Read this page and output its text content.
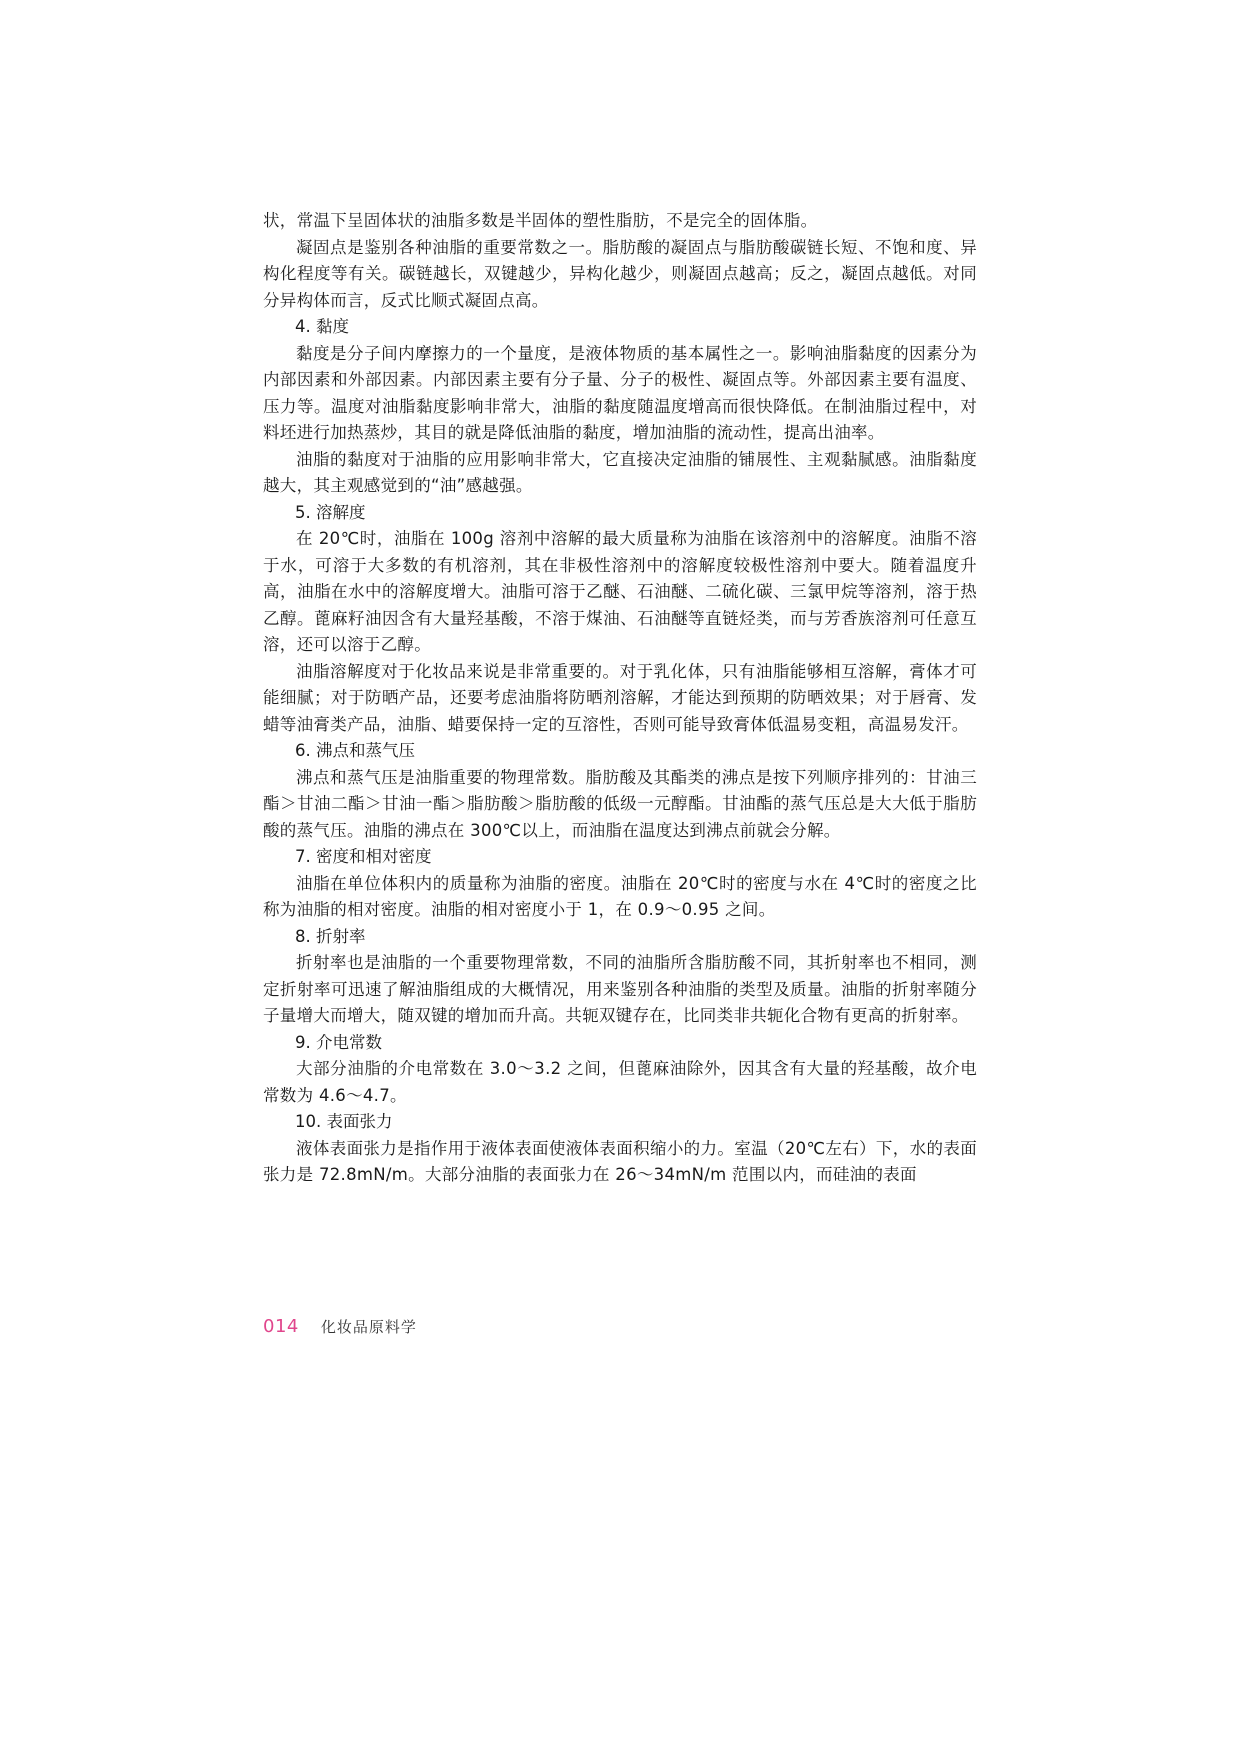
状，常温下呈固体状的油脂多数是半固体的塑性脂肪，不是完全的固体脂。

凝固点是鉴别各种油脂的重要常数之一。脂肪酸的凝固点与脂肪酸碳链长短、不饱和度、异构化程度等有关。碳链越长，双键越少，异构化越少，则凝固点越高；反之，凝固点越低。对同分异构体而言，反式比顺式凝固点高。

4. 黏度

黏度是分子间内摩擦力的一个量度，是液体物质的基本属性之一。影响油脂黏度的因素分为内部因素和外部因素。内部因素主要有分子量、分子的极性、凝固点等。外部因素主要有温度、压力等。温度对油脂黏度影响非常大，油脂的黏度随温度增高而很快降低。在制油脂过程中，对料坯进行加热蒸炒，其目的就是降低油脂的黏度，增加油脂的流动性，提高出油率。

油脂的黏度对于油脂的应用影响非常大，它直接决定油脂的铺展性、主观黏腻感。油脂黏度越大，其主观感觉到的“油”感越强。

5. 溶解度

在 20℃时，油脂在 100g 溶剂中溶解的最大质量称为油脂在该溶剂中的溶解度。油脂不溶于水，可溶于大多数的有机溶剂，其在非极性溶剂中的溶解度较极性溶剂中要大。随着温度升高，油脂在水中的溶解度增大。油脂可溶于乙醚、石油醚、二硫化碳、三氯甲烷等溶剂，溶于热乙醇。蓖麻籽油因含有大量羟基酸，不溶于煤油、石油醚等直链烃类，而与芳香族溶剂可任意互溶，还可以溶于乙醇。

油脂溶解度对于化妆品来说是非常重要的。对于乳化体，只有油脂能够相互溶解，膏体才可能细腻；对于防晒产品，还要考虑油脂将防晒剂溶解，才能达到预期的防晒效果；对于唇膏、发蜡等油膏类产品，油脂、蜡要保持一定的互溶性，否则可能导致膏体低温易变粗，高温易发汗。

6. 沸点和蒸气压

沸点和蒸气压是油脂重要的物理常数。脂肪酸及其酯类的沸点是按下列顺序排列的：甘油三酯＞甘油二酯＞甘油一酯＞脂肪酸＞脂肪酸的低级一元醇酯。甘油酯的蒸气压总是大大低于脂肪酸的蒸气压。油脂的沸点在 300℃以上，而油脂在温度达到沸点前就会分解。

7. 密度和相对密度

油脂在单位体积内的质量称为油脂的密度。油脂在 20℃时的密度与水在 4℃时的密度之比称为油脂的相对密度。油脂的相对密度小于 1，在 0.9～0.95 之间。

8. 折射率

折射率也是油脂的一个重要物理常数，不同的油脂所含脂肪酸不同，其折射率也不相同，测定折射率可迅速了解油脂组成的大概情况，用来鉴别各种油脂的类型及质量。油脂的折射率随分子量增大而增大，随双键的增加而升高。共轭双键存在，比同类非共轭化合物有更高的折射率。

9. 介电常数

大部分油脂的介电常数在 3.0～3.2 之间，但蓖麻油除外，因其含有大量的羟基酸，故介电常数为 4.6～4.7。

10. 表面张力

液体表面张力是指作用于液体表面使液体表面积缩小的力。室温（20℃左右）下，水的表面张力是 72.8mN/m。大部分油脂的表面张力在 26～34mN/m 范围以内，而硅油的表面

014 化妆品原料学
